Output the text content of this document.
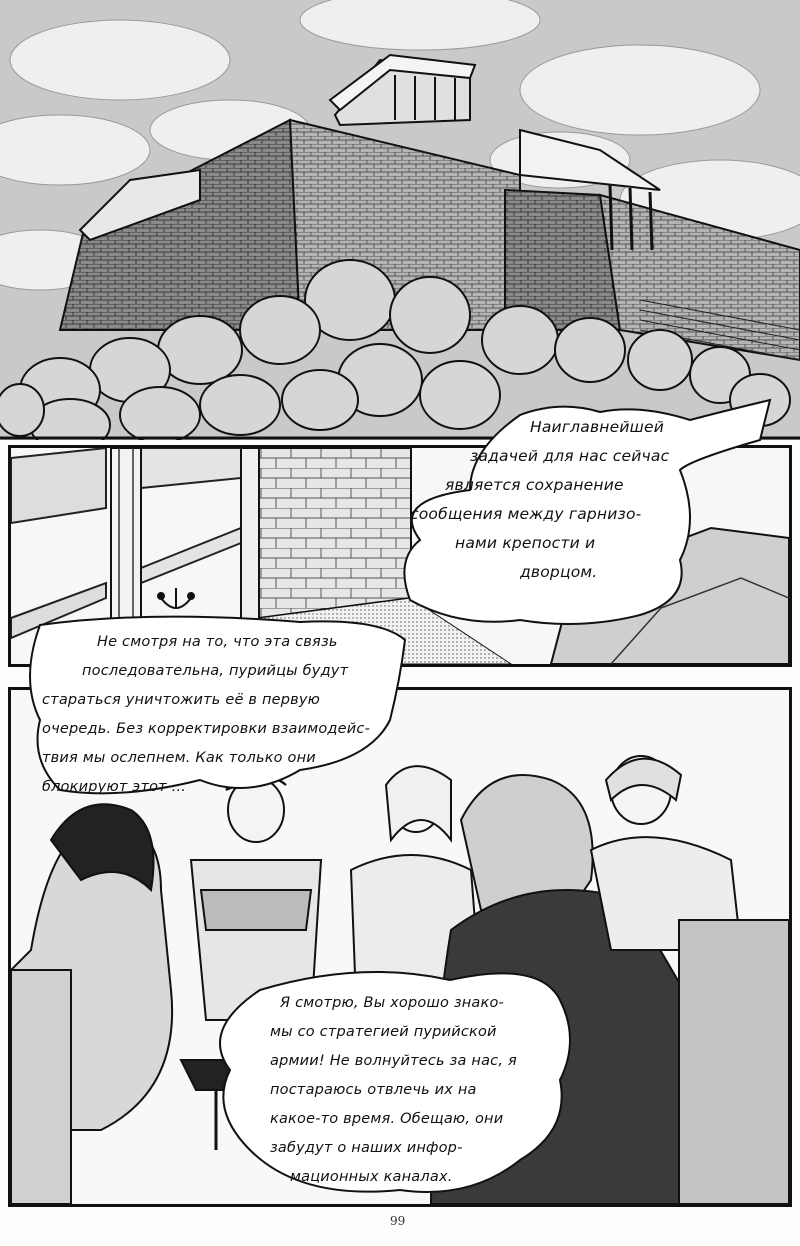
Наиглавнейшей
задачей для нас сейчас
является сохранение
сообщения между гарнизо-
нами крепости и
дворцом.
Не смотря на то, что эта связь
последовательна, пурийцы будут
стараться уничтожить её в первую
очередь. Без корректировки взаимодейс-
твия мы ослепнем. Как только они
блокируют этот ...
Я смотрю, Вы хорошо знако-
мы со стратегией пурийской
армии! Не волнуйтесь за нас, я
постараюсь отвлечь их на
какое-то время. Обещаю, они
забудут о наших инфор-
мационных каналах.
99
